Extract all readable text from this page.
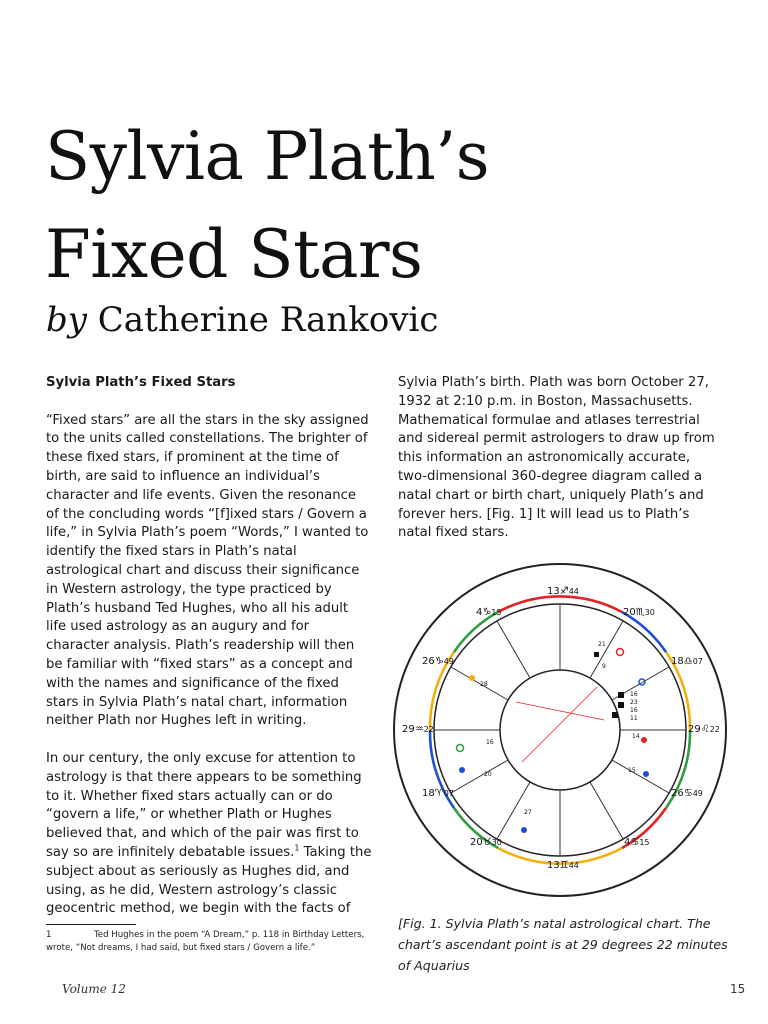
Sylvia Plath’s
Fixed Stars
by Catherine Rankovic

Sylvia Plath’s Fixed Stars

“Fixed stars” are all the stars in the sky assigned to the units called constellations. The brighter of these fixed stars, if prominent at the time of birth, are said to influence an individual’s character and life events. Given the resonance of the concluding words “[f]ixed stars / Govern a life,” in Sylvia Plath’s poem “Words,” I wanted to identify the fixed stars in Plath’s natal astrological chart and discuss their significance in Western astrology, the type practiced by Plath’s husband Ted Hughes, who all his adult life used astrology as an augury and for character analysis. Plath’s readership will then be familiar with “fixed stars” as a concept and with the names and significance of the fixed stars in Sylvia Plath’s natal chart, information neither Plath nor Hughes left in writing.

In our century, the only excuse for attention to astrology is that there appears to be something to it. Whether fixed stars actually can or do “govern a life,” or whether Plath or Hughes believed that, and which of the pair was first to say so are infinitely debatable issues.$^1$ Taking the subject about as seriously as Hughes did, and using, as he did, Western astrology’s classic geocentric method, we begin with the facts of

Sylvia Plath’s birth. Plath was born October 27, 1932 at 2:10 p.m. in Boston, Massachusetts. Mathematical formulae and atlases terrestrial and sidereal permit astrologers to draw up from this information an astronomically accurate, two-dimensional 360-degree diagram called a natal chart or birth chart, uniquely Plath’s and forever hers. [Fig. 1] It will lead us to Plath’s natal fixed stars.

13♐44
20♏30
18♎07
29♌22
26♋49
4♋15
13♊44
20♉30
18♈07
29♒22
26♑49
4♑15
21
9
16
23
16
11
14
16
28
20
27
15
[Fig. 1. Sylvia Plath’s natal astrological chart. The chart’s ascendant point is at 29 degrees 22 minutes of Aquarius
1	Ted Hughes in the poem “A Dream,” p. 118 in Birthday Letters, wrote, “Not dreams, I had said, but fixed stars / Govern a life.”
Volume 12	15
